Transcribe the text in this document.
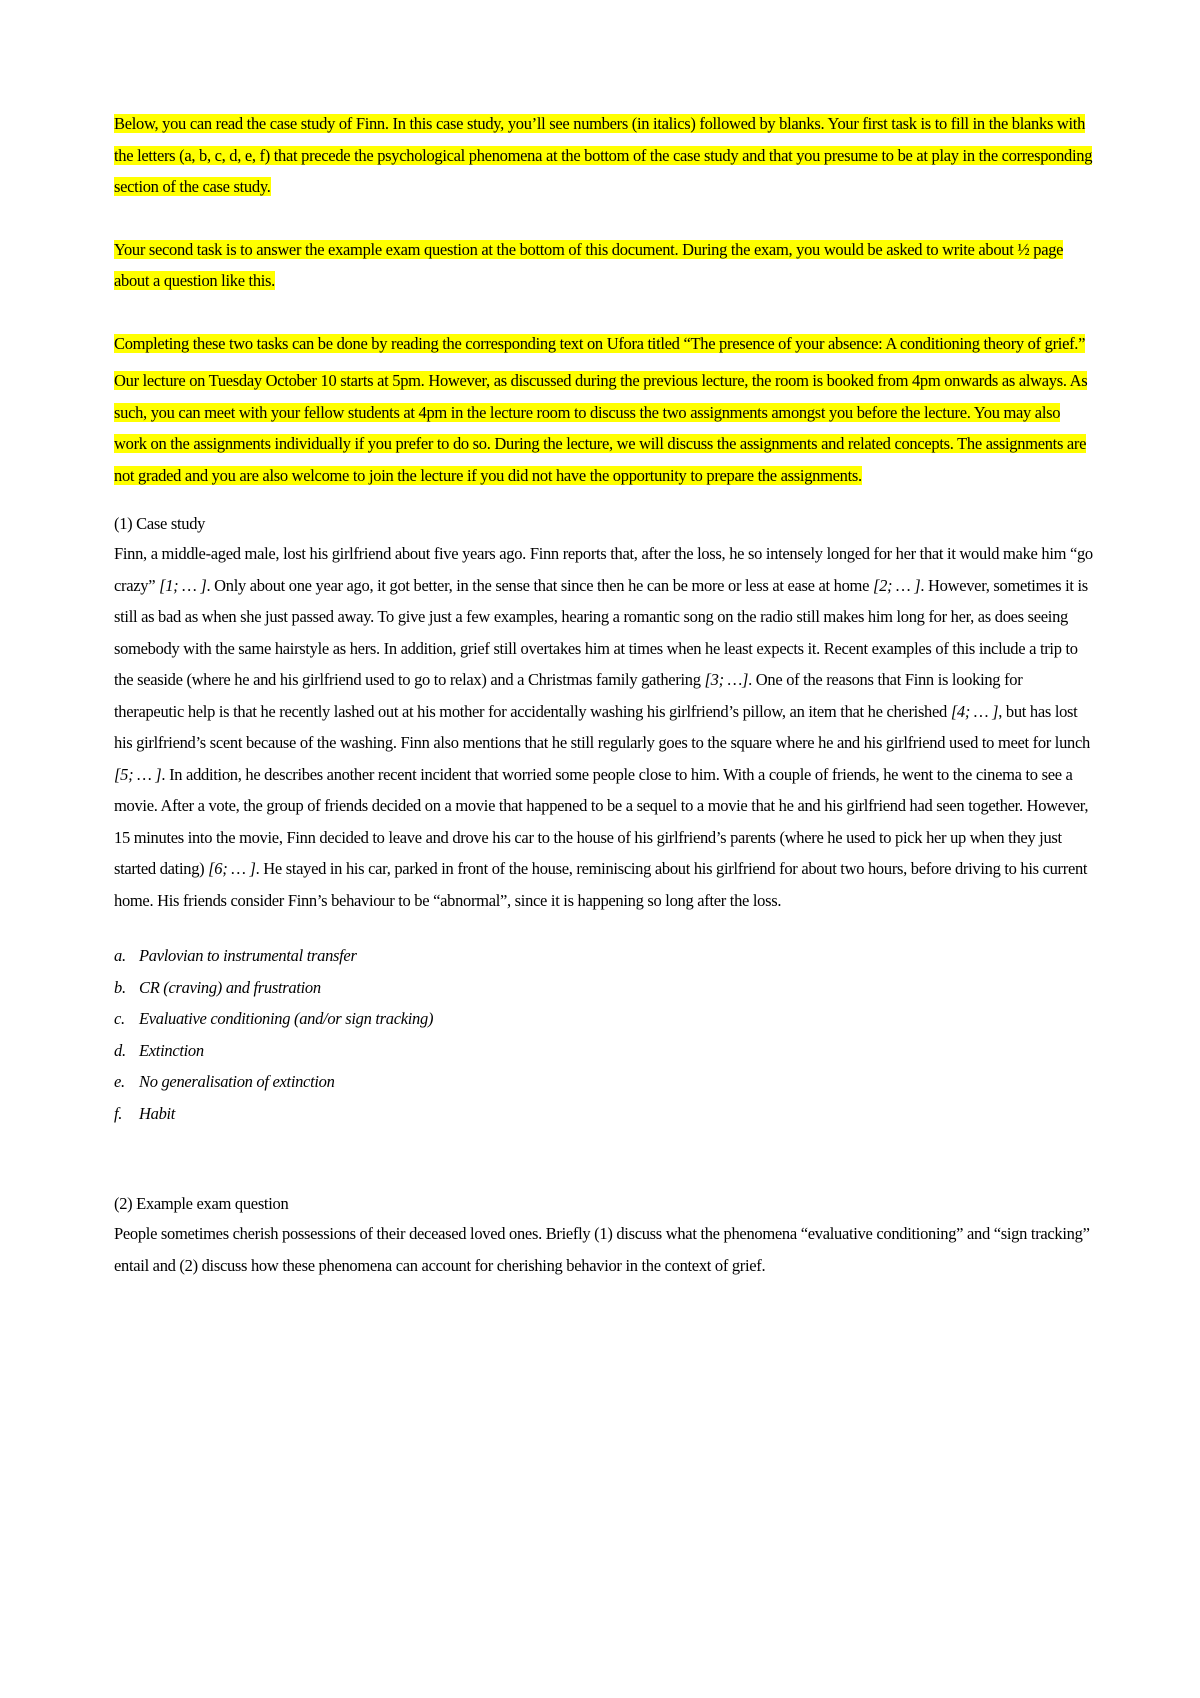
Below, you can read the case study of Finn. In this case study, you’ll see numbers (in italics) followed by blanks. Your first task is to fill in the blanks with the letters (a, b, c, d, e, f) that precede the psychological phenomena at the bottom of the case study and that you presume to be at play in the corresponding section of the case study.

Your second task is to answer the example exam question at the bottom of this document. During the exam, you would be asked to write about ½ page about a question like this.

Completing these two tasks can be done by reading the corresponding text on Ufora titled “The presence of your absence: A conditioning theory of grief.”

Our lecture on Tuesday October 10 starts at 5pm. However, as discussed during the previous lecture, the room is booked from 4pm onwards as always. As such, you can meet with your fellow students at 4pm in the lecture room to discuss the two assignments amongst you before the lecture. You may also work on the assignments individually if you prefer to do so. During the lecture, we will discuss the assignments and related concepts. The assignments are not graded and you are also welcome to join the lecture if you did not have the opportunity to prepare the assignments.

(1) Case study

Finn, a middle-aged male, lost his girlfriend about five years ago. Finn reports that, after the loss, he so intensely longed for her that it would make him “go crazy” [1; … ]. Only about one year ago, it got better, in the sense that since then he can be more or less at ease at home [2; … ]. However, sometimes it is still as bad as when she just passed away. To give just a few examples, hearing a romantic song on the radio still makes him long for her, as does seeing somebody with the same hairstyle as hers. In addition, grief still overtakes him at times when he least expects it. Recent examples of this include a trip to the seaside (where he and his girlfriend used to go to relax) and a Christmas family gathering [3; …]. One of the reasons that Finn is looking for therapeutic help is that he recently lashed out at his mother for accidentally washing his girlfriend’s pillow, an item that he cherished [4; … ], but has lost his girlfriend’s scent because of the washing. Finn also mentions that he still regularly goes to the square where he and his girlfriend used to meet for lunch [5; … ]. In addition, he describes another recent incident that worried some people close to him. With a couple of friends, he went to the cinema to see a movie. After a vote, the group of friends decided on a movie that happened to be a sequel to a movie that he and his girlfriend had seen together. However, 15 minutes into the movie, Finn decided to leave and drove his car to the house of his girlfriend’s parents (where he used to pick her up when they just started dating) [6; … ]. He stayed in his car, parked in front of the house, reminiscing about his girlfriend for about two hours, before driving to his current home. His friends consider Finn’s behaviour to be “abnormal”, since it is happening so long after the loss.

a. Pavlovian to instrumental transfer
b. CR (craving) and frustration
c. Evaluative conditioning (and/or sign tracking)
d. Extinction
e. No generalisation of extinction
f.	Habit

(2) Example exam question

People sometimes cherish possessions of their deceased loved ones. Briefly (1) discuss what the phenomena “evaluative conditioning” and “sign tracking” entail and (2) discuss how these phenomena can account for cherishing behavior in the context of grief.
